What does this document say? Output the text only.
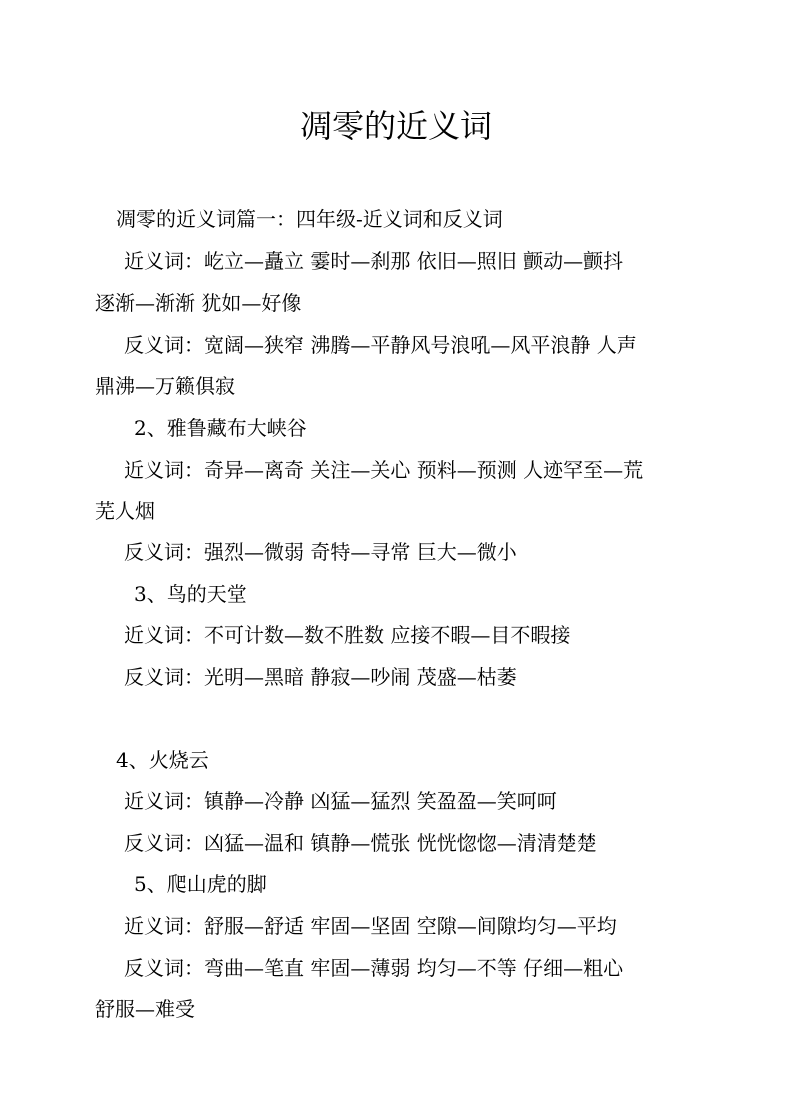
凋零的近义词
凋零的近义词篇一：四年级-近义词和反义词
近义词：屹立—矗立 霎时—刹那 依旧—照旧 颤动—颤抖
逐渐—渐渐 犹如—好像
反义词：宽阔—狭窄 沸腾—平静风号浪吼—风平浪静 人声
鼎沸—万籁俱寂
2、雅鲁藏布大峡谷
近义词：奇异—离奇 关注—关心 预料—预测 人迹罕至—荒
芜人烟
反义词：强烈—微弱 奇特—寻常 巨大—微小
3、鸟的天堂
近义词：不可计数—数不胜数 应接不暇—目不暇接
反义词：光明—黑暗 静寂—吵闹 茂盛—枯萎
4、火烧云
近义词：镇静—冷静 凶猛—猛烈 笑盈盈—笑呵呵
反义词：凶猛—温和 镇静—慌张 恍恍惚惚—清清楚楚
5、爬山虎的脚
近义词：舒服—舒适 牢固—坚固 空隙—间隙均匀—平均
反义词：弯曲—笔直 牢固—薄弱 均匀—不等 仔细—粗心
舒服—难受
